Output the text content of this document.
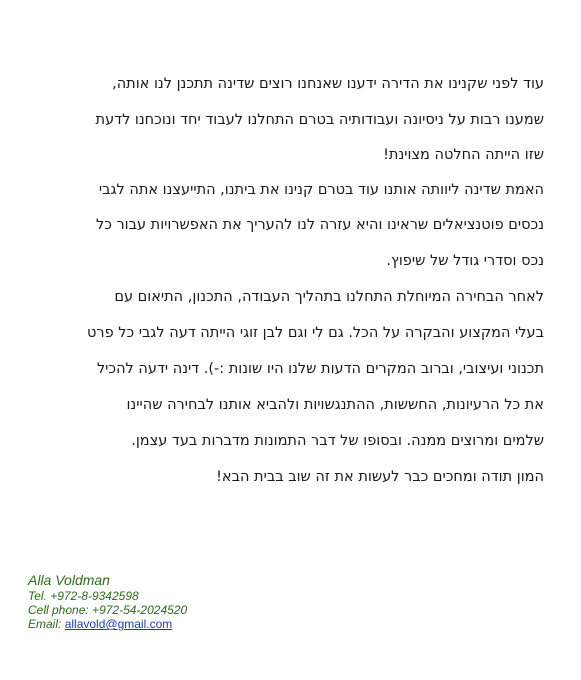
עוד לפני שקנינו את הדירה ידענו שאנחנו רוצים שדינה תתכנן לנו אותה,
שמענו רבות על ניסיונה ועבודותיה בטרם התחלנו לעבוד יחד ונוכחנו לדעת
שזו הייתה החלטה מצוינת!
האמת שדינה ליוותה אותנו עוד בטרם קנינו את ביתנו, התייעצנו אתה לגבי
נכסים פוטנציאלים שראינו והיא עזרה לנו להעריך את האפשרויות עבור כל
נכס וסדרי גודל של שיפוץ.
לאחר הבחירה המיוחלת התחלנו בתהליך העבודה, התכנון, התיאום עם
בעלי המקצוע והבקרה על הכל. גם לי וגם לבן זוגי הייתה דעה לגבי כל פרט
תכנוני ועיצובי, וברוב המקרים הדעות שלנו היו שונות :-). דינה ידעה להכיל
את כל הרעיונות, החששות, ההתנגשויות ולהביא אותנו לבחירה שהיינו
שלמים ומרוצים ממנה. ובסופו של דבר התמונות מדברות בעד עצמן.
המון תודה ומחכים כבר לעשות את זה שוב בבית הבא!
Alla Voldman
Tel. +972-8-9342598
Cell phone: +972-54-2024520
Email: allavold@gmail.com
